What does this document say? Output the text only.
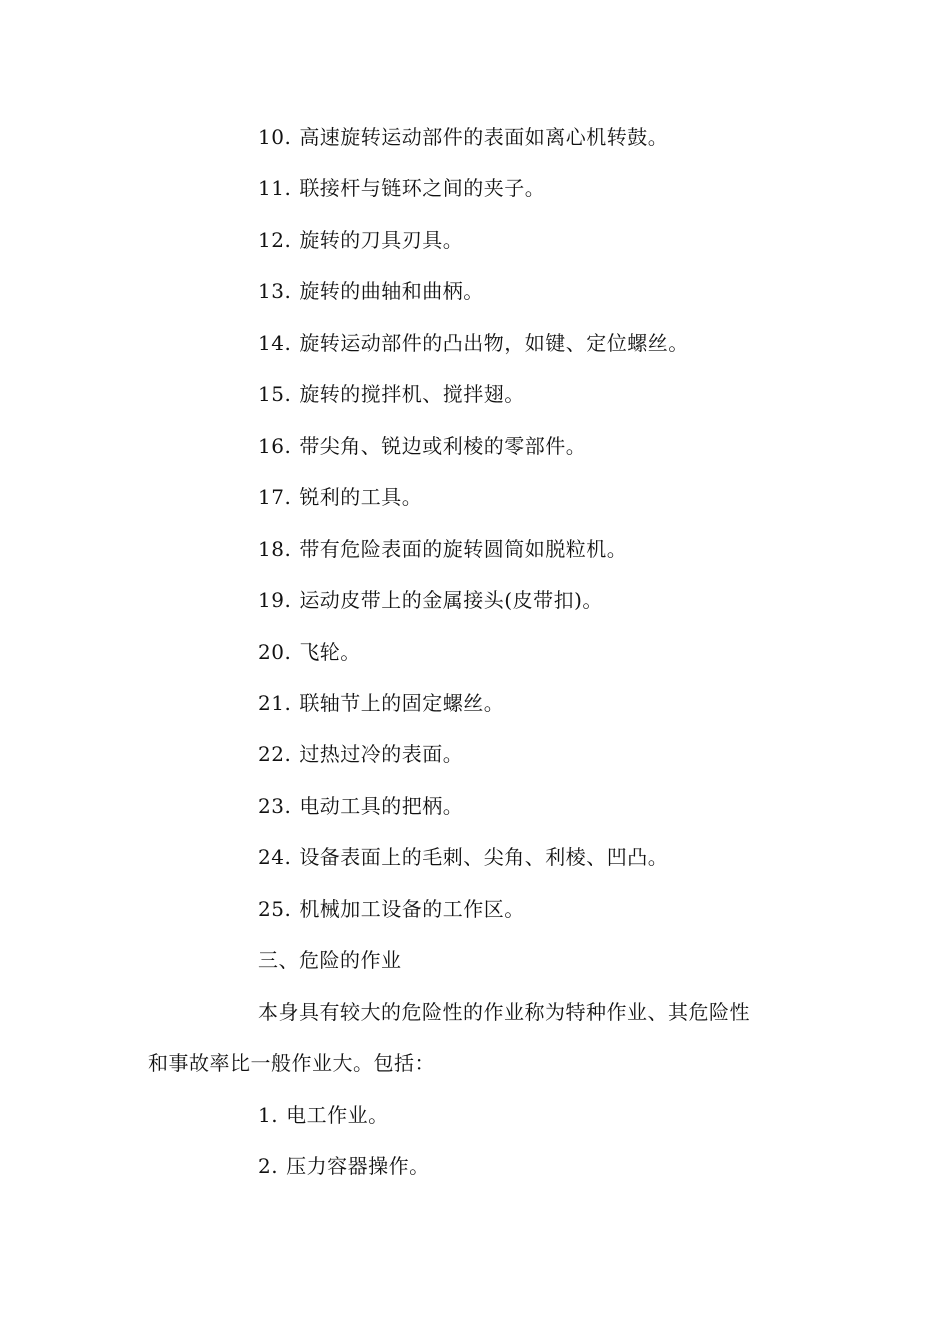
10. 高速旋转运动部件的表面如离心机转鼓。
11. 联接杆与链环之间的夹子。
12. 旋转的刀具刃具。
13. 旋转的曲轴和曲柄。
14. 旋转运动部件的凸出物，如键、定位螺丝。
15. 旋转的搅拌机、搅拌翅。
16. 带尖角、锐边或利棱的零部件。
17. 锐利的工具。
18. 带有危险表面的旋转圆筒如脱粒机。
19. 运动皮带上的金属接头(皮带扣)。
20. 飞轮。
21. 联轴节上的固定螺丝。
22. 过热过冷的表面。
23. 电动工具的把柄。
24. 设备表面上的毛刺、尖角、利棱、凹凸。
25. 机械加工设备的工作区。
三、危险的作业
本身具有较大的危险性的作业称为特种作业、其危险性
和事故率比一般作业大。包括：
1. 电工作业。
2. 压力容器操作。
